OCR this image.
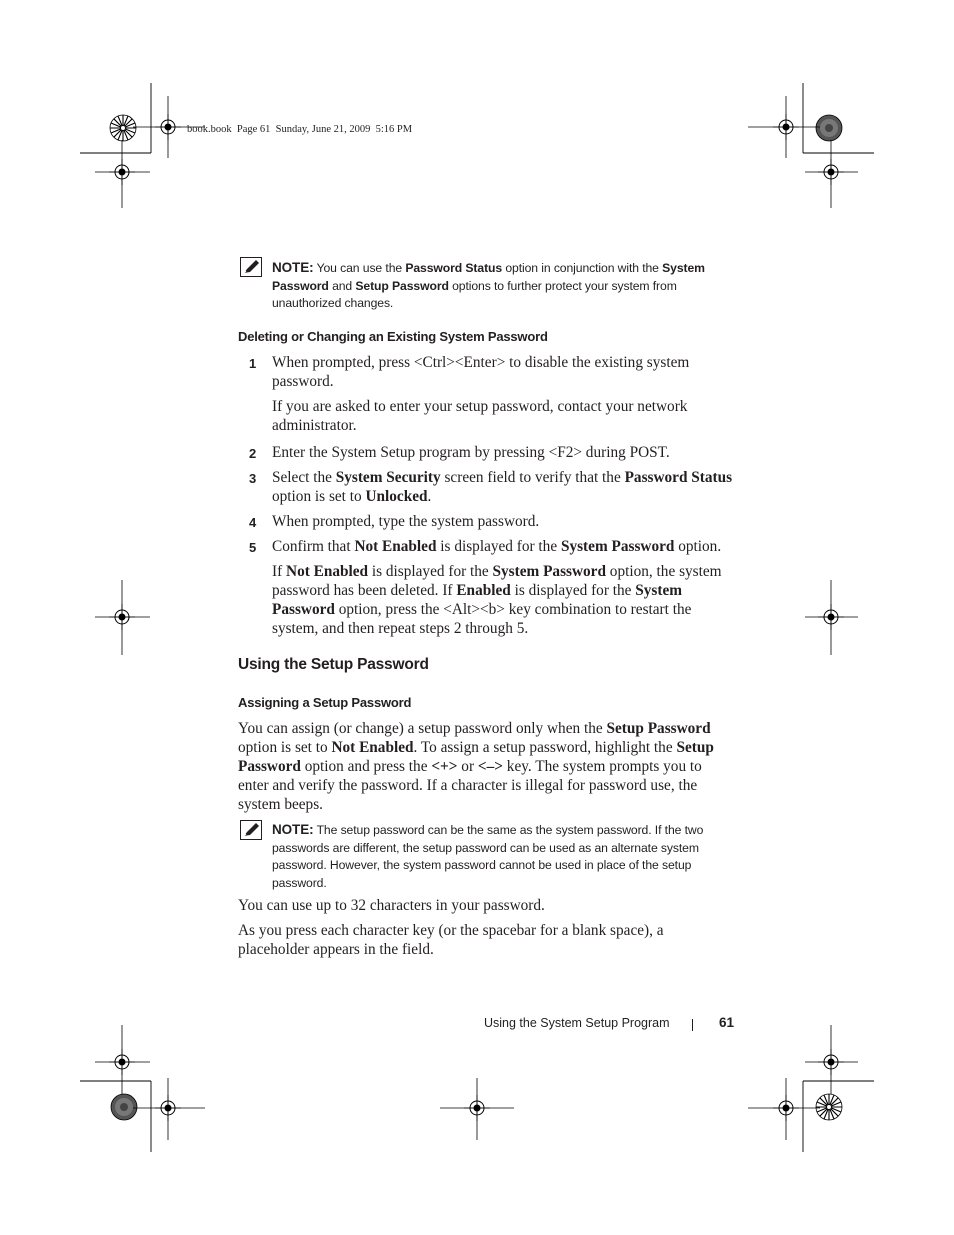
book.book  Page 61  Sunday, June 21, 2009  5:16 PM

NOTE: You can use the Password Status option in conjunction with the System

Password and Setup Password options to further protect your system from

unauthorized changes.

Deleting or Changing an Existing System Password
1 When prompted, press <Ctrl><Enter> to disable the existing system

password.

If you are asked to enter your setup password, contact your network

administrator.

2 Enter the System Setup program by pressing <F2> during POST.
3 Select the System Security screen field to verify that the Password Status

option is set to Unlocked.

4 When prompted, type the system password.
5 Confirm that Not Enabled is displayed for the System Password option.

If Not Enabled is displayed for the System Password option, the system

password has been deleted. If Enabled is displayed for the System

Password option, press the <Alt><b> key combination to restart the

system, and then repeat steps 2 through 5.

Using the Setup Password
Assigning a Setup Password

You can assign (or change) a setup password only when the Setup Password

option is set to Not Enabled. To assign a setup password, highlight the Setup

Password option and press the <+> or <–> key. The system prompts you to

enter and verify the password. If a character is illegal for password use, the

system beeps.

NOTE: The setup password can be the same as the system password. If the two

passwords are different, the setup password can be used as an alternate system

password. However, the system password cannot be used in place of the setup

password.

You can use up to 32 characters in your password.

As you press each character key (or the spacebar for a blank space), a

placeholder appears in the field.

Using the System Setup Program	61
